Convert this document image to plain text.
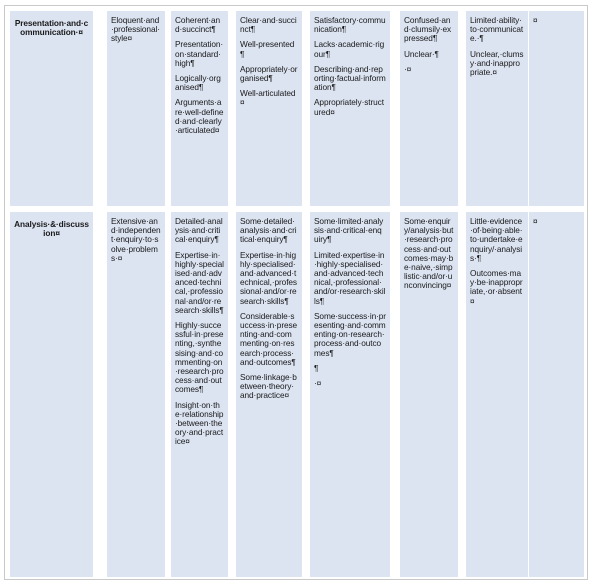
Presentation·and·communication·¤
Eloquent·and·professional·style¤
Coherent·and·succinct¶
Presentation·on·standard·high¶
Logically·organised¶
Arguments·are·well-defined·and·clearly·articulated¤
Clear·and·succinct¶
Well-presented¶
Appropriately·organised¶
Well-articulated¤
Satisfactory·communication¶
Lacks·academic·rigour¶
Describing·and·reporting·factual·information¶
Appropriately·structured¤
Confused·and·clumsily·expressed¶
Unclear·¶
·¤
Limited·ability·to·communicate.·¶
Unclear,·clumsy·and·inappropriate.¤
¤
Analysis·&·discussion¤
Extensive·and·independent·enquiry·to·solve·problems·¤
Detailed·analysis·and·critical·enquiry¶
Expertise·in·highly·specialised·and·advanced·technical,·professional·and/or·research·skills¶
Highly·successful·in·presenting,·synthesising·and·commenting·on·research·process·and·outcomes¶
Insight·on·the·relationship·between·theory·and·practice¤
Some·detailed·analysis·and·critical·enquiry¶
Expertise·in·highly·specialised·and·advanced·technical,·professional·and/or·research·skills¶
Considerable·success·in·presenting·and·commenting·on·research·process·and·outcomes¶
Some·linkage·between·theory·and·practice¤
Some·limited·analysis·and·critical·enquiry¶
Limited·expertise·in·highly·specialised·and·advanced·technical,·professional·and/or·research·skills¶
Some·success·in·presenting·and·commenting·on·research·process·and·outcomes¶
¶
·¤
Some·enquiry/analysis·but·research·process·and·outcomes·may·be·naive,·simplistic·and/or·unconvincing¤
Little·evidence·of·being·able·to·undertake·enquiry/·analysis·¶
Outcomes·may·be·inappropriate,·or·absent¤
¤
